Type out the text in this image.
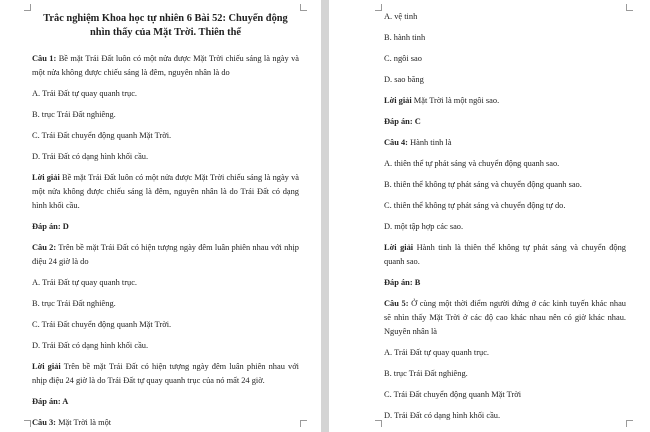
Trắc nghiệm Khoa học tự nhiên 6 Bài 52: Chuyển động nhìn thấy của Mặt Trời. Thiên thể
Câu 1: Bề mặt Trái Đất luôn có một nửa được Mặt Trời chiếu sáng là ngày và một nửa không được chiếu sáng là đêm, nguyên nhân là do
A. Trái Đất tự quay quanh trục.
B. trục Trái Đất nghiêng.
C. Trái Đất chuyển động quanh Mặt Trời.
D. Trái Đất có dạng hình khối cầu.
Lời giải Bề mặt Trái Đất luôn có một nửa được Mặt Trời chiếu sáng là ngày và một nửa không được chiếu sáng là đêm, nguyên nhân là do Trái Đất có dạng hình khối cầu.
Đáp án: D
Câu 2: Trên bề mặt Trái Đất có hiện tượng ngày đêm luân phiên nhau với nhịp điệu 24 giờ là do
A. Trái Đất tự quay quanh trục.
B. trục Trái Đất nghiêng.
C. Trái Đất chuyển động quanh Mặt Trời.
D. Trái Đất có dạng hình khối cầu.
Lời giải Trên bề mặt Trái Đất có hiện tượng ngày đêm luân phiên nhau với nhịp điệu 24 giờ là do Trái Đất tự quay quanh trục của nó mất 24 giờ.
Đáp án: A
Câu 3: Mặt Trời là một
A. vệ tinh
B. hành tinh
C. ngôi sao
D. sao băng
Lời giải Mặt Trời là một ngôi sao.
Đáp án: C
Câu 4: Hành tinh là
A. thiên thể tự phát sáng và chuyển động quanh sao.
B. thiên thể không tự phát sáng và chuyển động quanh sao.
C. thiên thể không tự phát sáng và chuyển động tự do.
D. một tập hợp các sao.
Lời giải Hành tinh là thiên thể không tự phát sáng và chuyển động quanh sao.
Đáp án: B
Câu 5: Ở cùng một thời điểm người đứng ở các kinh tuyến khác nhau sẽ nhìn thấy Mặt Trời ở các độ cao khác nhau nên có giờ khác nhau. Nguyên nhân là
A. Trái Đất tự quay quanh trục.
B. trục Trái Đất nghiêng.
C. Trái Đất chuyển động quanh Mặt Trời
D. Trái Đất có dạng hình khối cầu.
